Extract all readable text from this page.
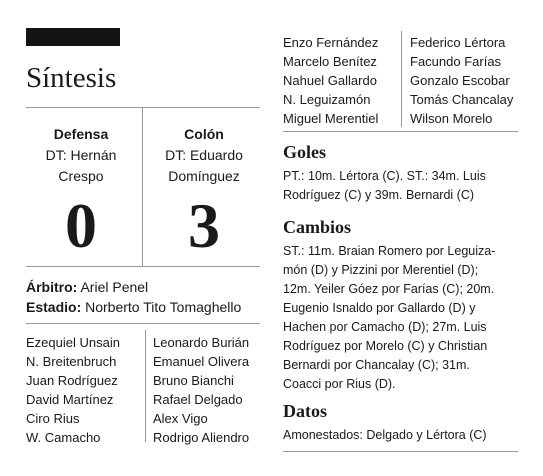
Síntesis
Defensa
DT: Hernán Crespo
Colón
DT: Eduardo Domínguez
0	3
Árbitro: Ariel Penel
Estadio: Norberto Tito Tomaghello
Ezequiel Unsain
N. Breitenbruch
Juan Rodríguez
David Martínez
Ciro Rius
W. Camacho
Leonardo Burián
Emanuel Olivera
Bruno Bianchi
Rafael Delgado
Alex Vigo
Rodrigo Aliendro
Enzo Fernández
Marcelo Benítez
Nahuel Gallardo
N. Leguizamón
Miguel Merentiel
Federico Lértora
Facundo Farías
Gonzalo Escobar
Tomás Chancalay
Wilson Morelo
Goles
PT.: 10m. Lértora (C). ST.: 34m. Luis Rodríguez (C) y 39m. Bernardi (C)
Cambios
ST.: 11m. Braian Romero por Leguiza-
món (D) y Pizzini por Merentiel (D);
12m. Yeiler Góez por Farías (C); 20m.
Eugenio Isnaldo por Gallardo (D) y
Hachen por Camacho (D); 27m. Luis
Rodríguez por Morelo (C) y Christian
Bernardi por Chancalay (C); 31m.
Coacci por Rius (D).
Datos
Amonestados: Delgado y Lértora (C)
